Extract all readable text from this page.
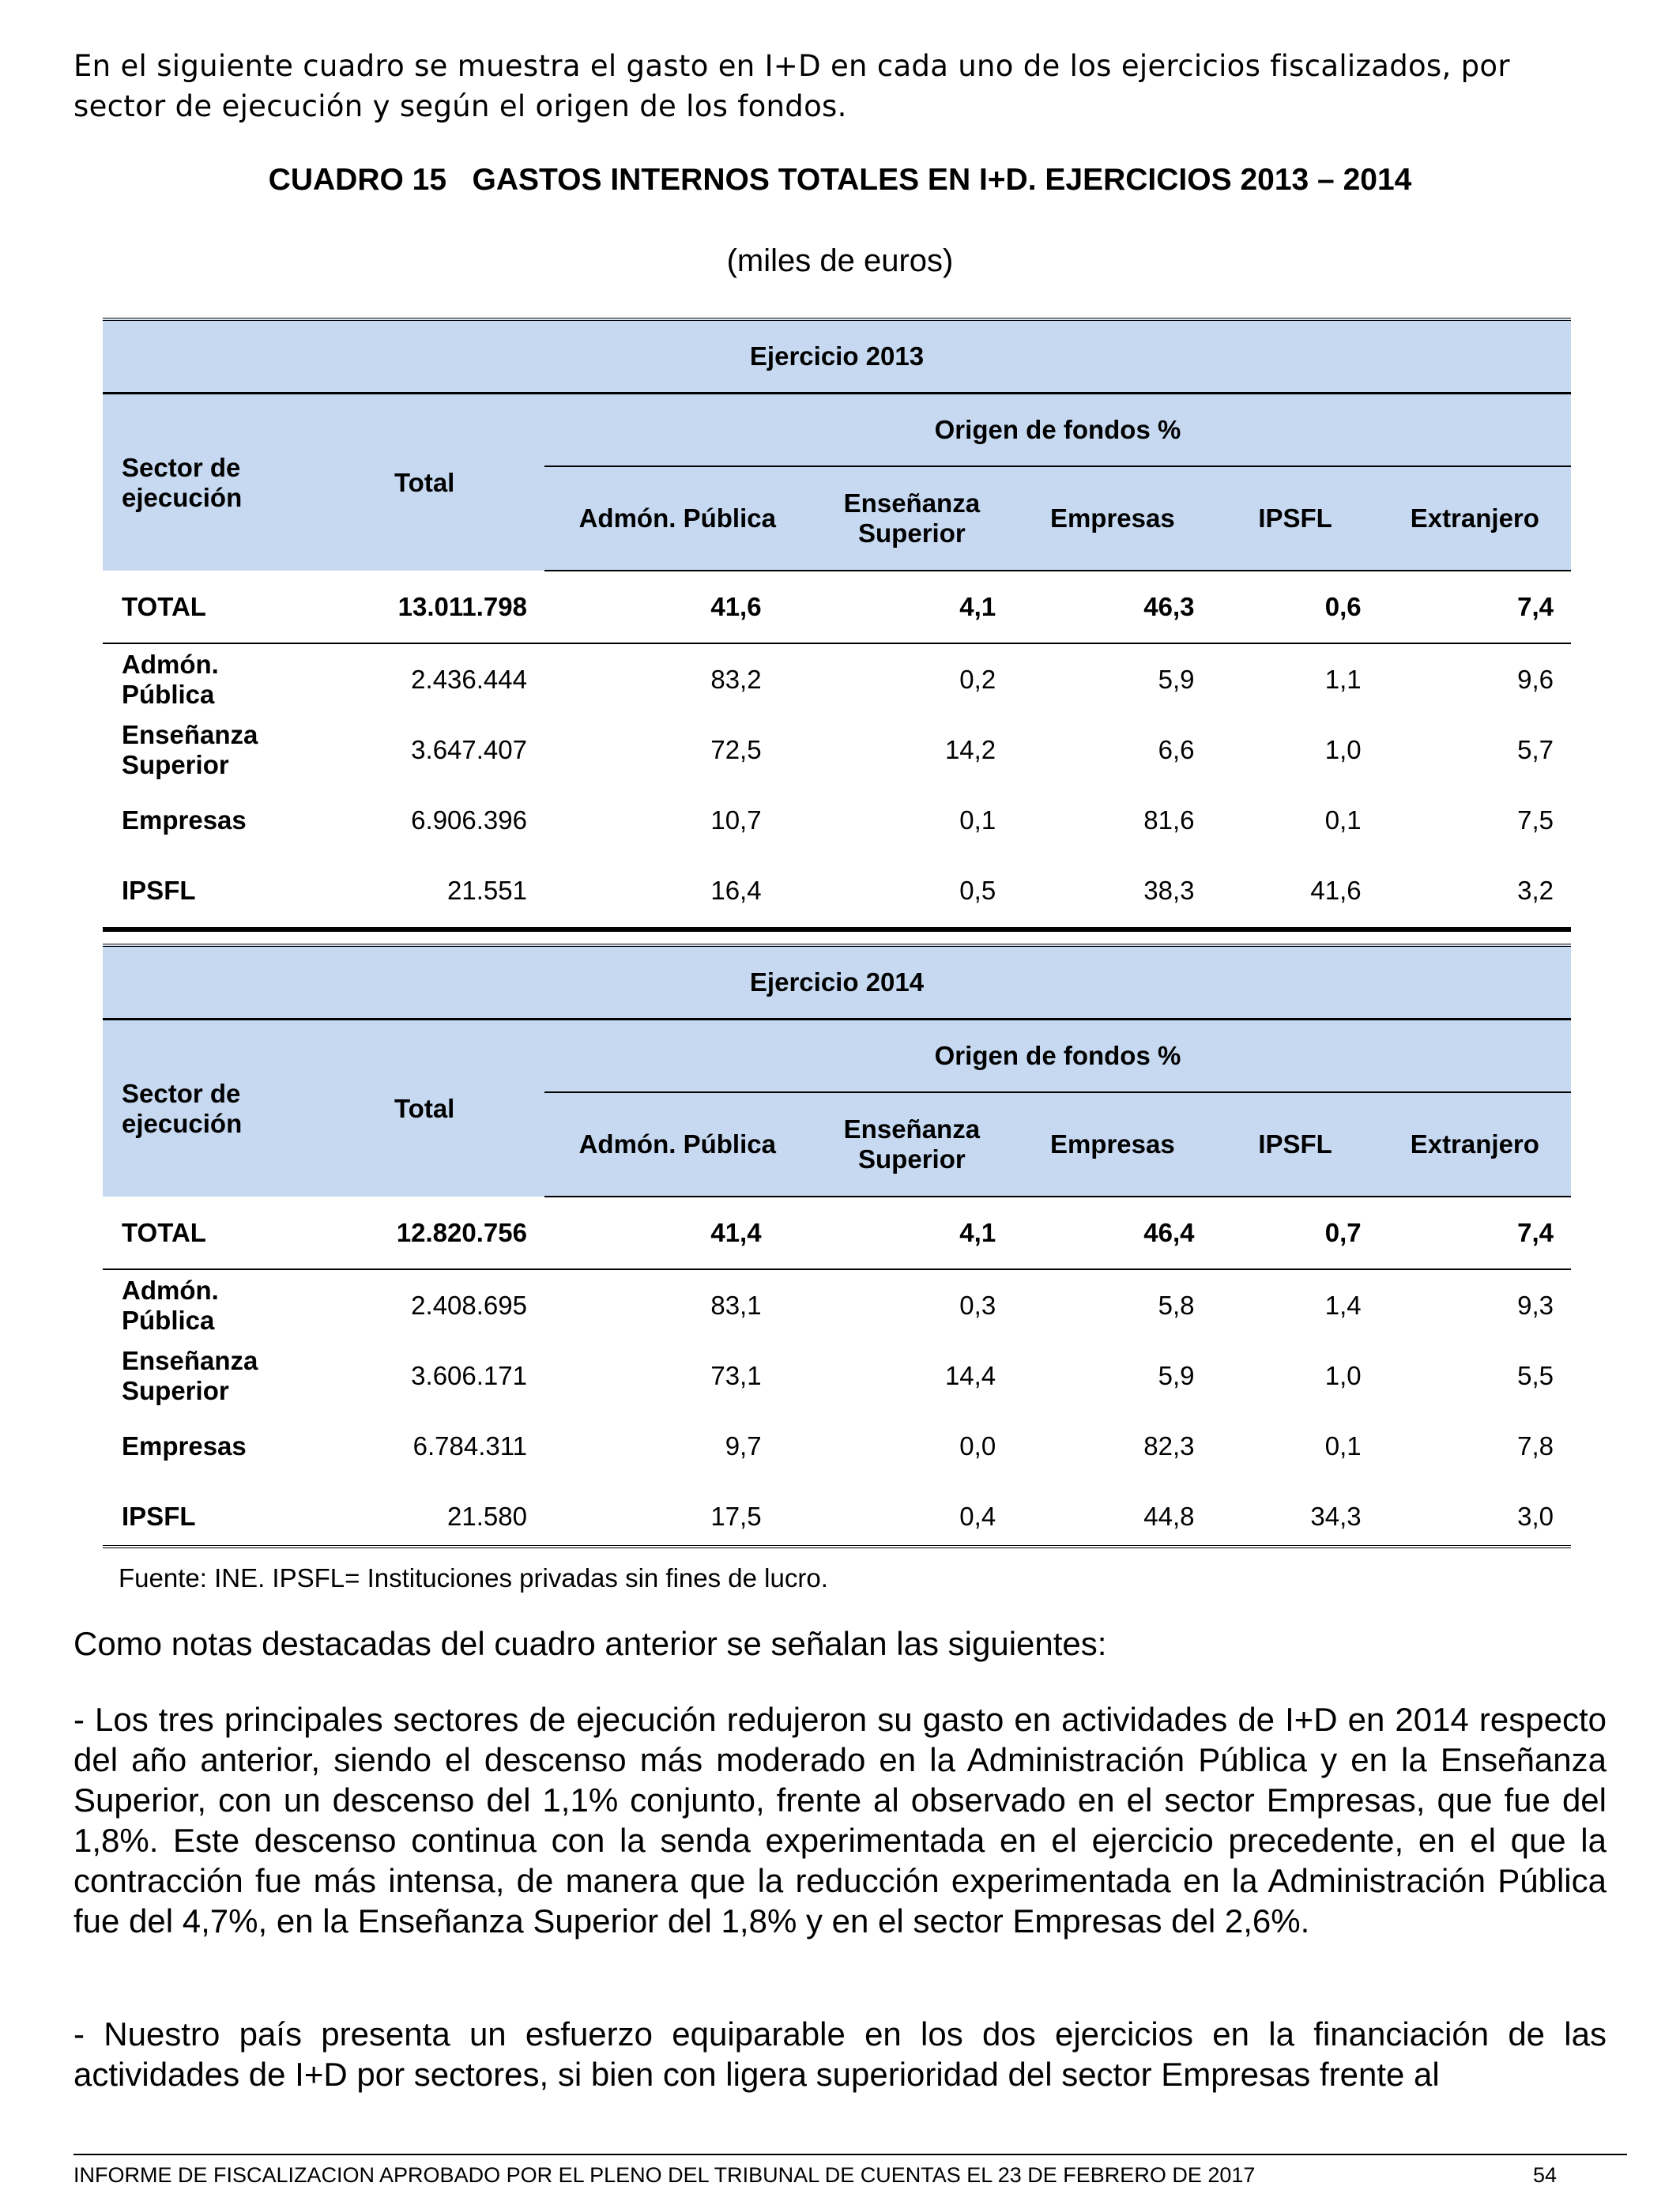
En el siguiente cuadro se muestra el gasto en I+D en cada uno de los ejercicios fiscalizados, por sector de ejecución y según el origen de los fondos.
CUADRO 15   GASTOS INTERNOS TOTALES EN I+D. EJERCICIOS 2013 – 2014
(miles de euros)
Ejercicio 2013						
Sector de ejecución	Total	Origen de fondos %				
		Admón. Pública	Enseñanza Superior	Empresas	IPSFL	Extranjero
TOTAL	13.011.798	41,6	4,1	46,3	0,6	7,4
Admón. Pública	2.436.444	83,2	0,2	5,9	1,1	9,6
Enseñanza Superior	3.647.407	72,5	14,2	6,6	1,0	5,7
Empresas	6.906.396	10,7	0,1	81,6	0,1	7,5
IPSFL	21.551	16,4	0,5	38,3	41,6	3,2
Ejercicio 2014						
Sector de ejecución	Total	Origen de fondos %				
		Admón. Pública	Enseñanza Superior	Empresas	IPSFL	Extranjero
TOTAL	12.820.756	41,4	4,1	46,4	0,7	7,4
Admón. Pública	2.408.695	83,1	0,3	5,8	1,4	9,3
Enseñanza Superior	3.606.171	73,1	14,4	5,9	1,0	5,5
Empresas	6.784.311	9,7	0,0	82,3	0,1	7,8
IPSFL	21.580	17,5	0,4	44,8	34,3	3,0
Fuente: INE. IPSFL= Instituciones privadas sin fines de lucro.
Como notas destacadas del cuadro anterior se señalan las siguientes:
- Los tres principales sectores de ejecución redujeron su gasto en actividades de I+D en 2014 respecto del año anterior, siendo el descenso más moderado en la Administración Pública y en la Enseñanza Superior, con un descenso del 1,1% conjunto, frente al observado en el sector Empresas, que fue del 1,8%. Este descenso continua con la senda experimentada en el ejercicio precedente, en el que la contracción fue más intensa, de manera que la reducción experimentada en la Administración Pública fue del 4,7%, en la Enseñanza Superior del 1,8% y en el sector Empresas del 2,6%.
- Nuestro país presenta un esfuerzo equiparable en los dos ejercicios en la financiación de las actividades de I+D por sectores, si bien con ligera superioridad del sector Empresas frente al
INFORME DE FISCALIZACION APROBADO POR EL PLENO DEL TRIBUNAL DE CUENTAS EL 23 DE FEBRERO DE 2017	54
